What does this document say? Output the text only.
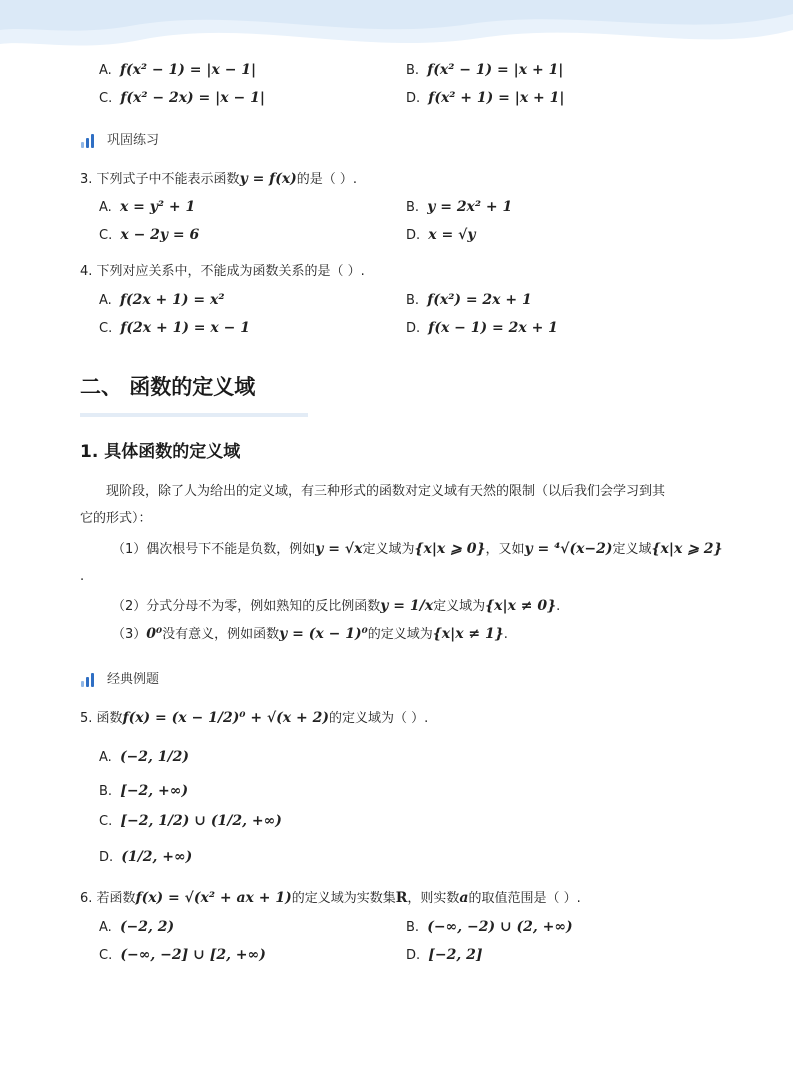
A. f(x² − 1) = |x − 1|	B. f(x² − 1) = |x + 1|
C. f(x² − 2x) = |x − 1|	D. f(x² + 1) = |x + 1|
巩固练习
3. 下列式子中不能表示函数y = f(x)的是（ ）.
A. x = y² + 1	B. y = 2x² + 1
C. x − 2y = 6	D. x = √y
4. 下列对应关系中，不能成为函数关系的是（ ）.
A. f(2x + 1) = x²	B. f(x²) = 2x + 1
C. f(2x + 1) = x − 1	D. f(x − 1) = 2x + 1
二、 函数的定义域
1. 具体函数的定义域
现阶段，除了人为给出的定义域，有三种形式的函数对定义域有天然的限制（以后我们会学习到其
它的形式）：
（1）偶次根号下不能是负数，例如y = √x定义域为{x|x ⩾ 0}，又如y = ⁴√(x−2)定义域{x|x ⩾ 2}
.
（2）分式分母不为零，例如熟知的反比例函数y = 1/x定义域为{x|x ≠ 0}.
（3）0⁰没有意义，例如函数y = (x − 1)⁰的定义域为{x|x ≠ 1}.
经典例题
5. 函数f(x) = (x − 1/2)⁰ + √(x + 2)的定义域为（ ）.
A. (−2, 1/2)
B. [−2, +∞)
C. [−2, 1/2) ∪ (1/2, +∞)
D. (1/2, +∞)
6. 若函数f(x) = √(x² + ax + 1)的定义域为实数集R，则实数a的取值范围是（ ）.
A. (−2, 2)	B. (−∞, −2) ∪ (2, +∞)
C. (−∞, −2] ∪ [2, +∞)	D. [−2, 2]
